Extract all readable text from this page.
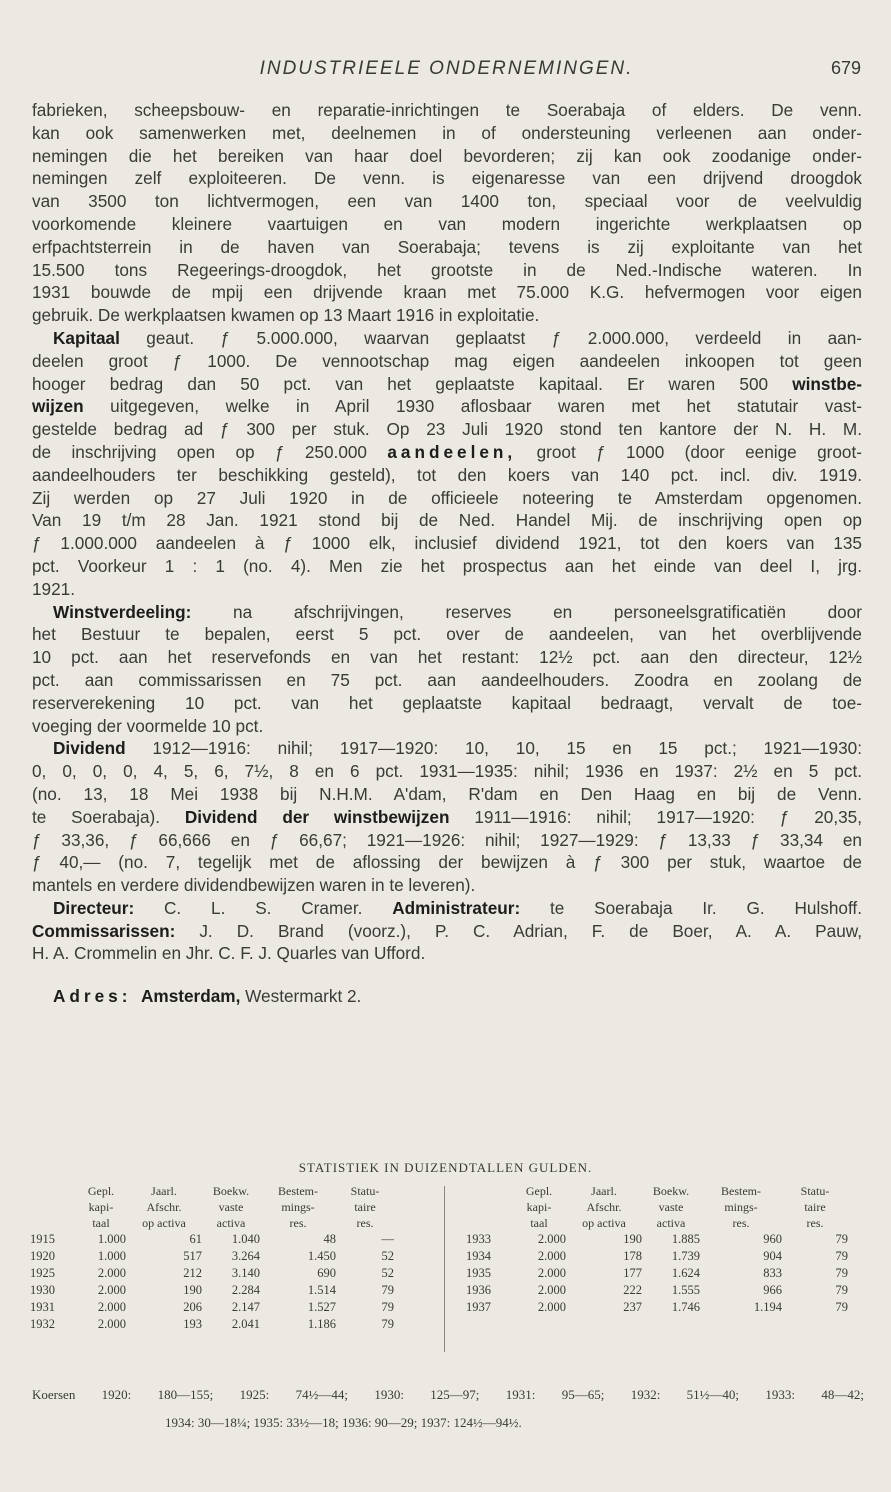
INDUSTRIEELE ONDERNEMINGEN.	679
fabrieken, scheepsbouw- en reparatie-inrichtingen te Soerabaja of elders. De venn.
kan ook samenwerken met, deelnemen in of ondersteuning verleenen aan onder-
nemingen die het bereiken van haar doel bevorderen; zij kan ook zoodanige onder-
nemingen zelf exploiteeren. De venn. is eigenaresse van een drijvend droogdok
van 3500 ton lichtvermogen, een van 1400 ton, speciaal voor de veelvuldig
voorkomende kleinere vaartuigen en van modern ingerichte werkplaatsen op
erfpachtsterrein in de haven van Soerabaja; tevens is zij exploitante van het
15.500 tons Regeerings-droogdok, het grootste in de Ned.-Indische wateren. In
1931 bouwde de mpij een drijvende kraan met 75.000 K.G. hefvermogen voor eigen
gebruik. De werkplaatsen kwamen op 13 Maart 1916 in exploitatie.
Kapitaal geaut. ƒ 5.000.000, waarvan geplaatst ƒ 2.000.000, verdeeld in aan-
deelen groot ƒ 1000. De vennootschap mag eigen aandeelen inkoopen tot geen
hooger bedrag dan 50 pct. van het geplaatste kapitaal. Er waren 500 winstbe-
wijzen uitgegeven, welke in April 1930 aflosbaar waren met het statutair vast-
gestelde bedrag ad ƒ 300 per stuk. Op 23 Juli 1920 stond ten kantore der N. H. M.
de inschrijving open op ƒ 250.000 aandeelen, groot ƒ 1000 (door eenige groot-
aandeelhouders ter beschikking gesteld), tot den koers van 140 pct. incl. div. 1919.
Zij werden op 27 Juli 1920 in de officieele noteering te Amsterdam opgenomen.
Van 19 t/m 28 Jan. 1921 stond bij de Ned. Handel Mij. de inschrijving open op
ƒ 1.000.000 aandeelen à ƒ 1000 elk, inclusief dividend 1921, tot den koers van 135
pct. Voorkeur 1 : 1 (no. 4). Men zie het prospectus aan het einde van deel I, jrg.
1921.
Winstverdeeling: na afschrijvingen, reserves en personeelsgratificatiën door
het Bestuur te bepalen, eerst 5 pct. over de aandeelen, van het overblijvende
10 pct. aan het reservefonds en van het restant: 12½ pct. aan den directeur, 12½
pct. aan commissarissen en 75 pct. aan aandeelhouders. Zoodra en zoolang de
reserverekening 10 pct. van het geplaatste kapitaal bedraagt, vervalt de toe-
voeging der voormelde 10 pct.
Dividend 1912—1916: nihil; 1917—1920: 10, 10, 15 en 15 pct.; 1921—1930:
0, 0, 0, 0, 4, 5, 6, 7½, 8 en 6 pct. 1931—1935: nihil; 1936 en 1937: 2½ en 5 pct.
(no. 13, 18 Mei 1938 bij N.H.M. A'dam, R'dam en Den Haag en bij de Venn.
te Soerabaja). Dividend der winstbewijzen 1911—1916: nihil; 1917—1920: ƒ 20,35,
ƒ 33,36, ƒ 66,666 en ƒ 66,67; 1921—1926: nihil; 1927—1929: ƒ 13,33 ƒ 33,34 en
ƒ 40,— (no. 7, tegelijk met de aflossing der bewijzen à ƒ 300 per stuk, waartoe de
mantels en verdere dividendbewijzen waren in te leveren).
Directeur: C. L. S. Cramer. Administrateur: te Soerabaja Ir. G. Hulshoff.
Commissarissen: J. D. Brand (voorz.), P. C. Adrian, F. de Boer, A. A. Pauw,
H. A. Crommelin en Jhr. C. F. J. Quarles van Ufford.
Adres: Amsterdam, Westermarkt 2.
STATISTIEK IN DUIZENDTALLEN GULDEN.
	Gepl.	Jaarl.	Boekw.	Bestem-	Statu-
	kapi-	Afschr.	vaste	mings-	taire
	taal	op activa	activa	res.	res.
1915	1.000	61	1.040	48	—
1920	1.000	517	3.264	1.450	52
1925	2.000	212	3.140	690	52
1930	2.000	190	2.284	1.514	79
1931	2.000	206	2.147	1.527	79
1932	2.000	193	2.041	1.186	79
	Gepl.	Jaarl.	Boekw.	Bestem-	Statu-
	kapi-	Afschr.	vaste	mings-	taire
	taal	op activa	activa	res.	res.
1933	2.000	190	1.885	960	79
1934	2.000	178	1.739	904	79
1935	2.000	177	1.624	833	79
1936	2.000	222	1.555	966	79
1937	2.000	237	1.746	1.194	79
Koersen 1920: 180—155; 1925: 74½—44; 1930: 125—97; 1931: 95—65; 1932: 51½—40; 1933: 48—42;
1934: 30—18¼; 1935: 33½—18; 1936: 90—29; 1937: 124½—94½.
